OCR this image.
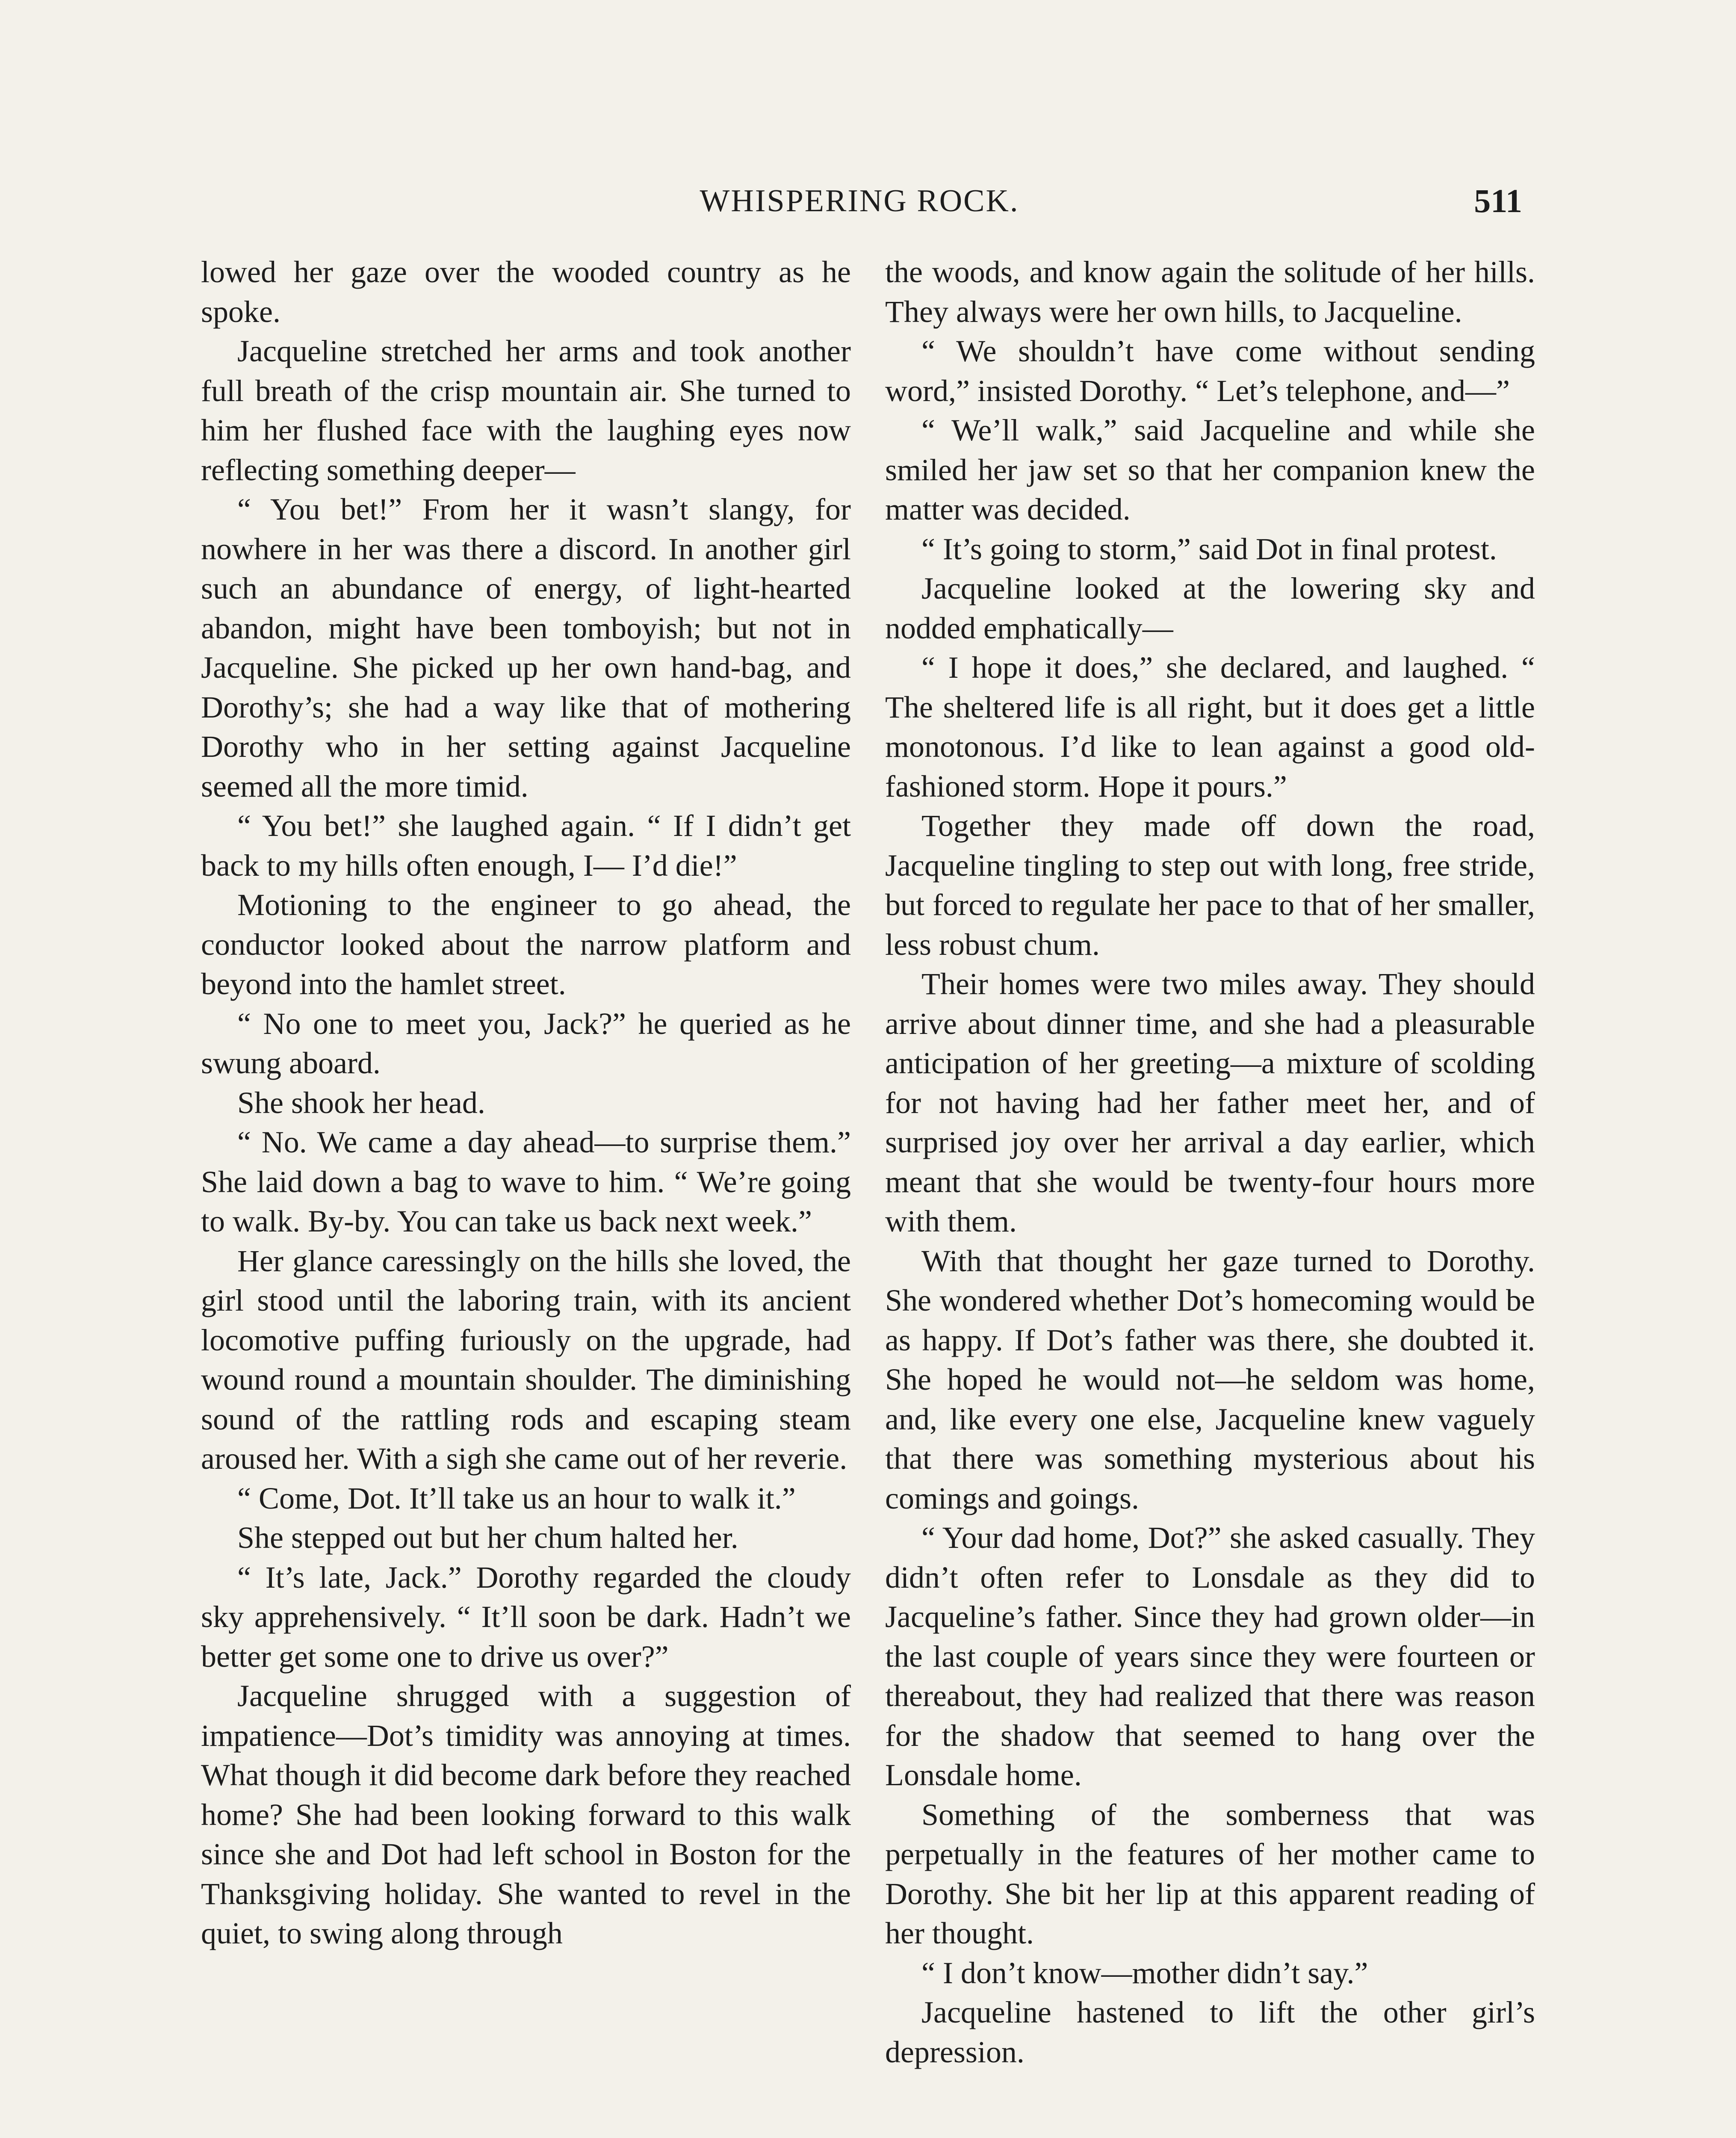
WHISPERING ROCK.	511

lowed her gaze over the wooded country as he spoke.

Jacqueline stretched her arms and took another full breath of the crisp mountain air. She turned to him her flushed face with the laughing eyes now reflecting something deeper—

“ You bet!” From her it wasn’t slangy, for nowhere in her was there a discord. In another girl such an abundance of energy, of light-hearted abandon, might have been tomboyish; but not in Jacqueline. She picked up her own hand-bag, and Dorothy’s; she had a way like that of mothering Dorothy who in her setting against Jacqueline seemed all the more timid.

“ You bet!” she laughed again. “ If I didn’t get back to my hills often enough, I— I’d die!”

Motioning to the engineer to go ahead, the conductor looked about the narrow platform and beyond into the hamlet street.

“ No one to meet you, Jack?” he queried as he swung aboard.

She shook her head.

“ No. We came a day ahead—to surprise them.” She laid down a bag to wave to him. “ We’re going to walk. By-by. You can take us back next week.”

Her glance caressingly on the hills she loved, the girl stood until the laboring train, with its ancient locomotive puffing furiously on the upgrade, had wound round a mountain shoulder. The diminishing sound of the rattling rods and escaping steam aroused her. With a sigh she came out of her reverie.

“ Come, Dot. It’ll take us an hour to walk it.”

She stepped out but her chum halted her.

“ It’s late, Jack.” Dorothy regarded the cloudy sky apprehensively. “ It’ll soon be dark. Hadn’t we better get some one to drive us over?”

Jacqueline shrugged with a suggestion of impatience—Dot’s timidity was annoying at times. What though it did become dark before they reached home? She had been looking forward to this walk since she and Dot had left school in Boston for the Thanksgiving holiday. She wanted to revel in the quiet, to swing along through

the woods, and know again the solitude of her hills. They always were her own hills, to Jacqueline.

“ We shouldn’t have come without sending word,” insisted Dorothy. “ Let’s telephone, and—”

“ We’ll walk,” said Jacqueline and while she smiled her jaw set so that her companion knew the matter was decided.

“ It’s going to storm,” said Dot in final protest.

Jacqueline looked at the lowering sky and nodded emphatically—

“ I hope it does,” she declared, and laughed. “ The sheltered life is all right, but it does get a little monotonous. I’d like to lean against a good old-fashioned storm. Hope it pours.”

Together they made off down the road, Jacqueline tingling to step out with long, free stride, but forced to regulate her pace to that of her smaller, less robust chum.

Their homes were two miles away. They should arrive about dinner time, and she had a pleasurable anticipation of her greeting—a mixture of scolding for not having had her father meet her, and of surprised joy over her arrival a day earlier, which meant that she would be twenty-four hours more with them.

With that thought her gaze turned to Dorothy. She wondered whether Dot’s homecoming would be as happy. If Dot’s father was there, she doubted it. She hoped he would not—he seldom was home, and, like every one else, Jacqueline knew vaguely that there was something mysterious about his comings and goings.

“ Your dad home, Dot?” she asked casually. They didn’t often refer to Lonsdale as they did to Jacqueline’s father. Since they had grown older—in the last couple of years since they were fourteen or thereabout, they had realized that there was reason for the shadow that seemed to hang over the Lonsdale home.

Something of the somberness that was perpetually in the features of her mother came to Dorothy. She bit her lip at this apparent reading of her thought.

“ I don’t know—mother didn’t say.”

Jacqueline hastened to lift the other girl’s depression.
